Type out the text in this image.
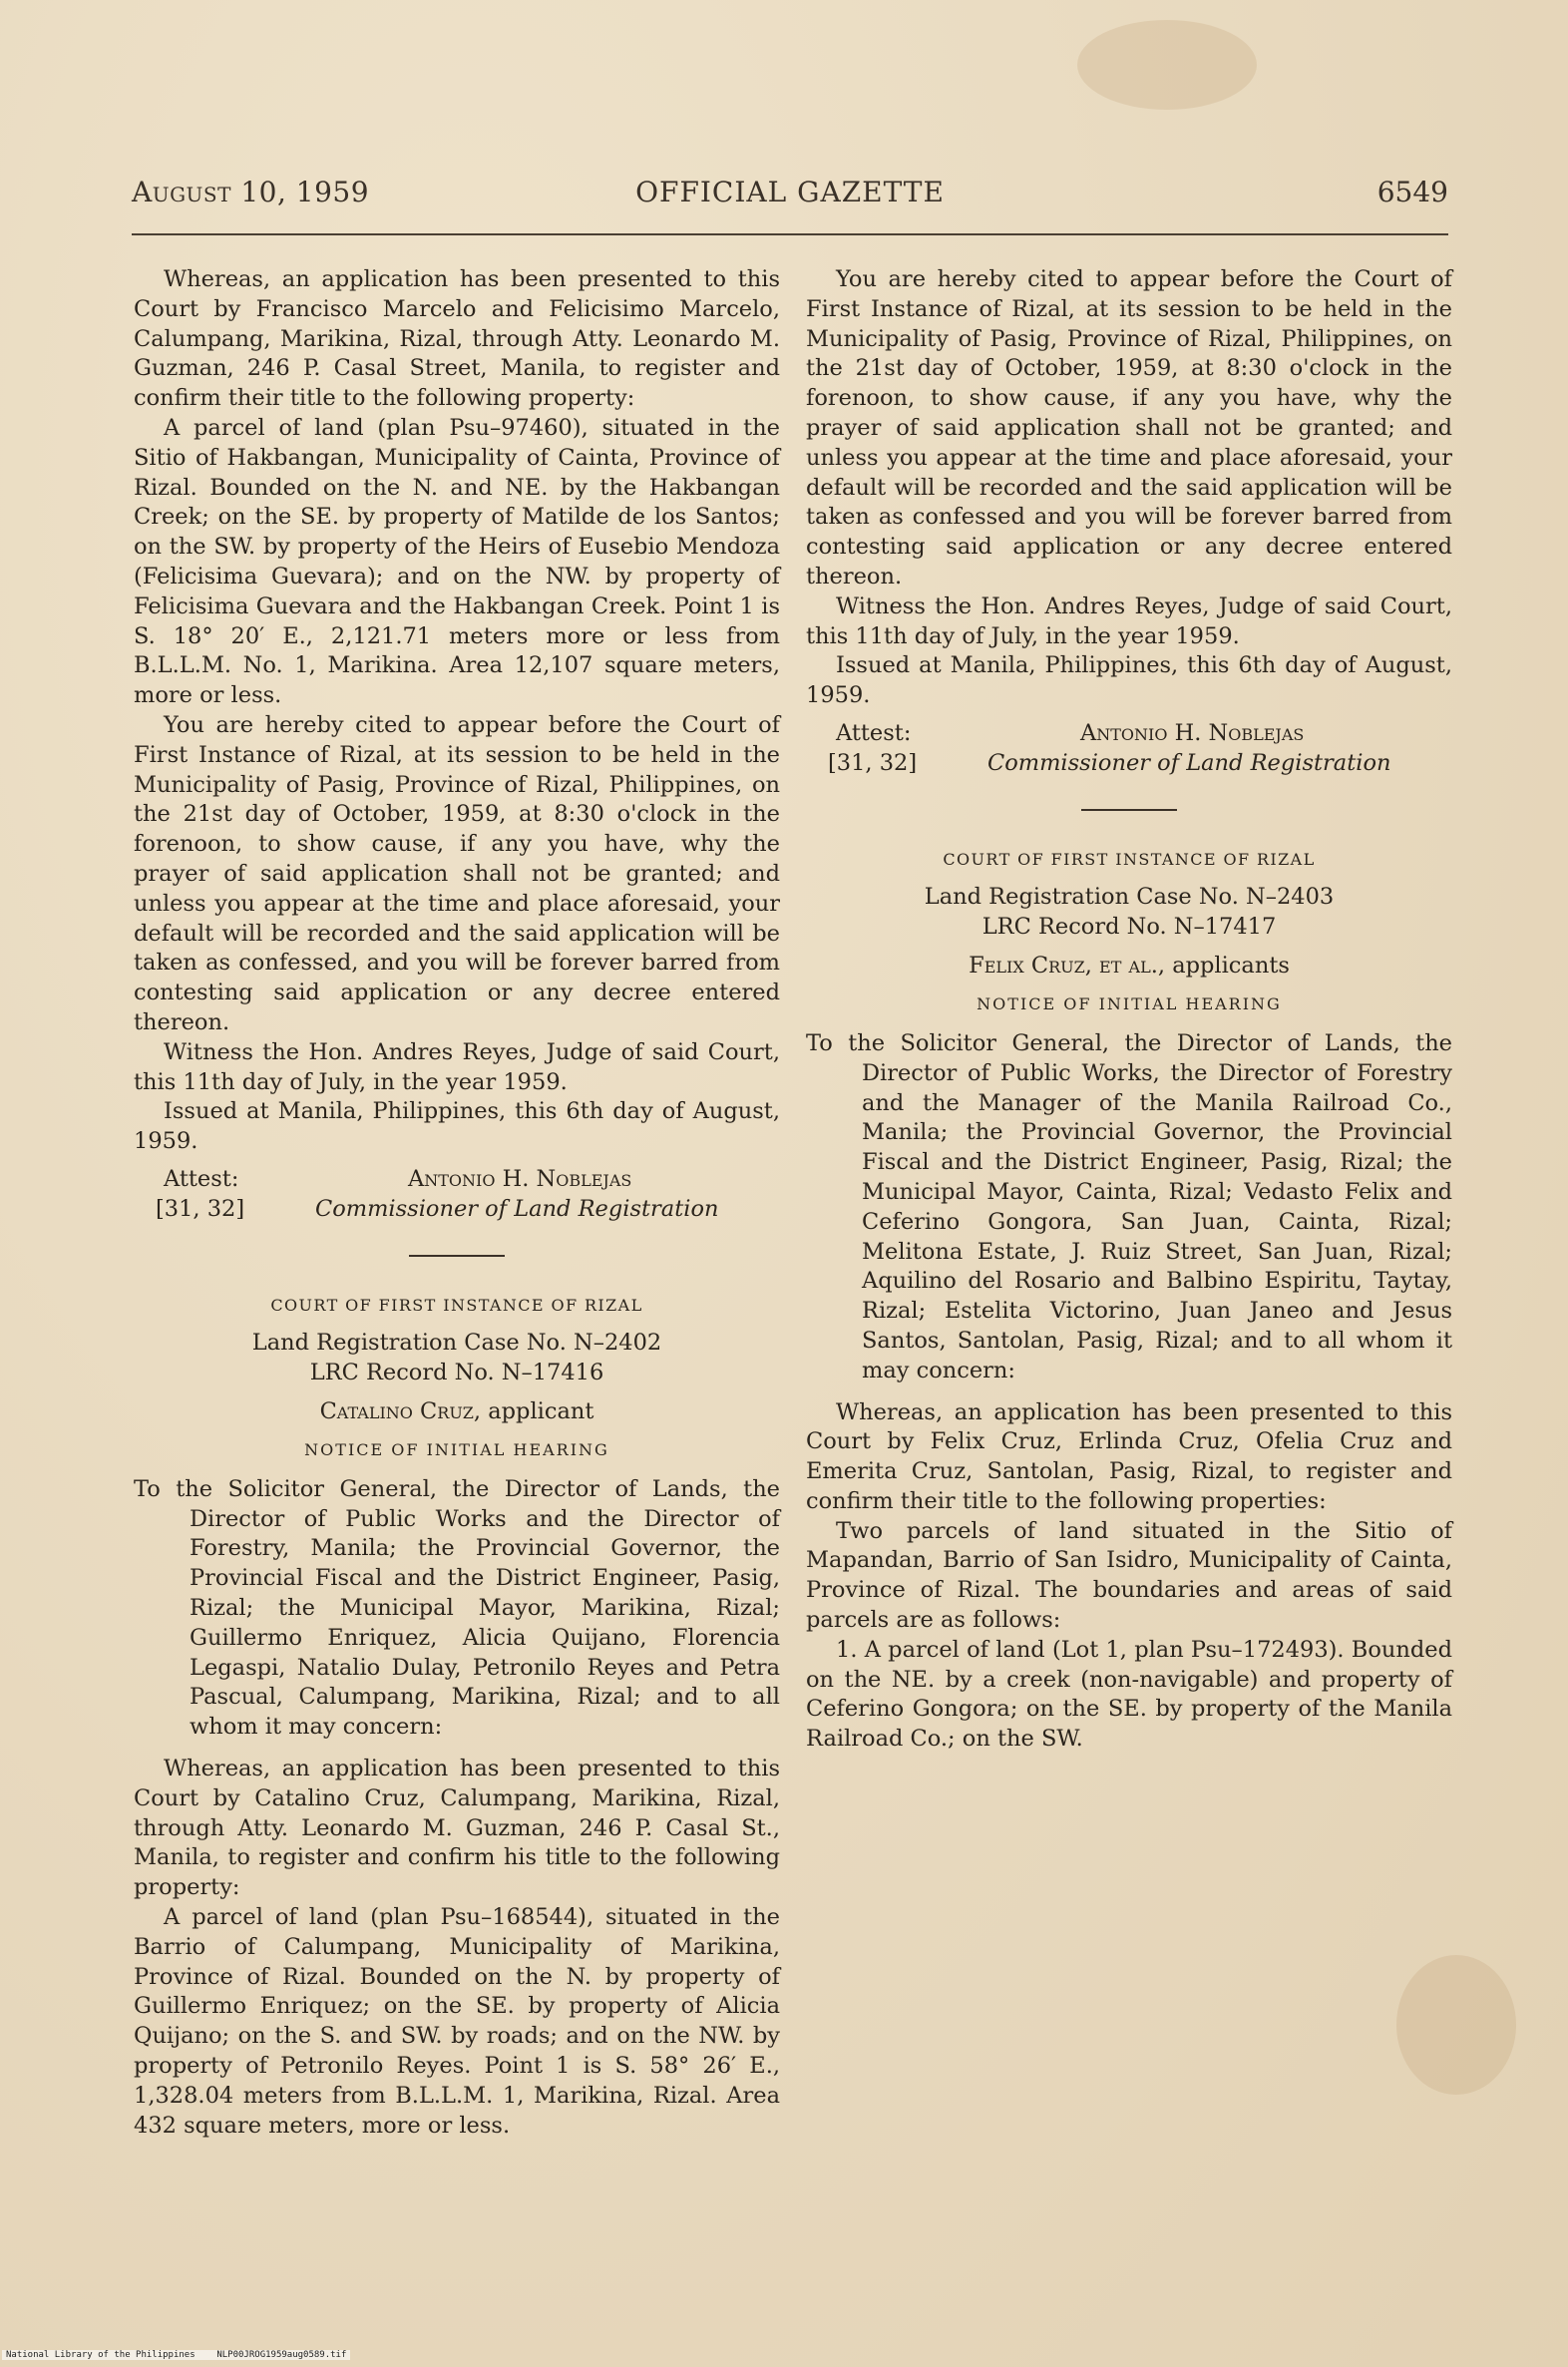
August 10, 1959	OFFICIAL GAZETTE	6549

Whereas, an application has been presented to this Court by Francisco Marcelo and Felicisimo Marcelo, Calumpang, Marikina, Rizal, through Atty. Leonardo M. Guzman, 246 P. Casal Street, Manila, to register and confirm their title to the following property:

A parcel of land (plan Psu–97460), situated in the Sitio of Hakbangan, Municipality of Cainta, Province of Rizal. Bounded on the N. and NE. by the Hakbangan Creek; on the SE. by property of Matilde de los Santos; on the SW. by property of the Heirs of Eusebio Mendoza (Felicisima Guevara); and on the NW. by property of Felicisima Guevara and the Hakbangan Creek. Point 1 is S. 18° 20′ E., 2,121.71 meters more or less from B.L.L.M. No. 1, Marikina. Area 12,107 square meters, more or less.

You are hereby cited to appear before the Court of First Instance of Rizal, at its session to be held in the Municipality of Pasig, Province of Rizal, Philippines, on the 21st day of October, 1959, at 8:30 o'clock in the forenoon, to show cause, if any you have, why the prayer of said application shall not be granted; and unless you appear at the time and place aforesaid, your default will be recorded and the said application will be taken as confessed, and you will be forever barred from contesting said application or any decree entered thereon.

Witness the Hon. Andres Reyes, Judge of said Court, this 11th day of July, in the year 1959.

Issued at Manila, Philippines, this 6th day of August, 1959.

Attest:	Antonio H. Noblejas
[31, 32]	Commissioner of Land Registration
COURT OF FIRST INSTANCE OF RIZAL
Land Registration Case No. N–2402
LRC Record No. N–17416
Catalino Cruz, applicant
NOTICE OF INITIAL HEARING

To the Solicitor General, the Director of Lands, the Director of Public Works and the Director of Forestry, Manila; the Provincial Governor, the Provincial Fiscal and the District Engineer, Pasig, Rizal; the Municipal Mayor, Marikina, Rizal; Guillermo Enriquez, Alicia Quijano, Florencia Legaspi, Natalio Dulay, Petronilo Reyes and Petra Pascual, Calumpang, Marikina, Rizal; and to all whom it may concern:

Whereas, an application has been presented to this Court by Catalino Cruz, Calumpang, Marikina, Rizal, through Atty. Leonardo M. Guzman, 246 P. Casal St., Manila, to register and confirm his title to the following property:

A parcel of land (plan Psu–168544), situated in the Barrio of Calumpang, Municipality of Marikina, Province of Rizal. Bounded on the N. by property of Guillermo Enriquez; on the SE. by property of Alicia Quijano; on the S. and SW. by roads; and on the NW. by property of Petronilo Reyes. Point 1 is S. 58° 26′ E., 1,328.04 meters from B.L.L.M. 1, Marikina, Rizal. Area 432 square meters, more or less.

You are hereby cited to appear before the Court of First Instance of Rizal, at its session to be held in the Municipality of Pasig, Province of Rizal, Philippines, on the 21st day of October, 1959, at 8:30 o'clock in the forenoon, to show cause, if any you have, why the prayer of said application shall not be granted; and unless you appear at the time and place aforesaid, your default will be recorded and the said application will be taken as confessed and you will be forever barred from contesting said application or any decree entered thereon.

Witness the Hon. Andres Reyes, Judge of said Court, this 11th day of July, in the year 1959.

Issued at Manila, Philippines, this 6th day of August, 1959.

Attest:	Antonio H. Noblejas
[31, 32]	Commissioner of Land Registration
COURT OF FIRST INSTANCE OF RIZAL
Land Registration Case No. N–2403
LRC Record No. N–17417
Felix Cruz, et al., applicants
NOTICE OF INITIAL HEARING

To the Solicitor General, the Director of Lands, the Director of Public Works, the Director of Forestry and the Manager of the Manila Railroad Co., Manila; the Provincial Governor, the Provincial Fiscal and the District Engineer, Pasig, Rizal; the Municipal Mayor, Cainta, Rizal; Vedasto Felix and Ceferino Gongora, San Juan, Cainta, Rizal; Melitona Estate, J. Ruiz Street, San Juan, Rizal; Aquilino del Rosario and Balbino Espiritu, Taytay, Rizal; Estelita Victorino, Juan Janeo and Jesus Santos, Santolan, Pasig, Rizal; and to all whom it may concern:

Whereas, an application has been presented to this Court by Felix Cruz, Erlinda Cruz, Ofelia Cruz and Emerita Cruz, Santolan, Pasig, Rizal, to register and confirm their title to the following properties:

Two parcels of land situated in the Sitio of Mapandan, Barrio of San Isidro, Municipality of Cainta, Province of Rizal. The boundaries and areas of said parcels are as follows:

1. A parcel of land (Lot 1, plan Psu–172493). Bounded on the NE. by a creek (non-navigable) and property of Ceferino Gongora; on the SE. by property of the Manila Railroad Co.; on the SW.

National Library of the Philippines NLP00JROG1959aug0589.tif
